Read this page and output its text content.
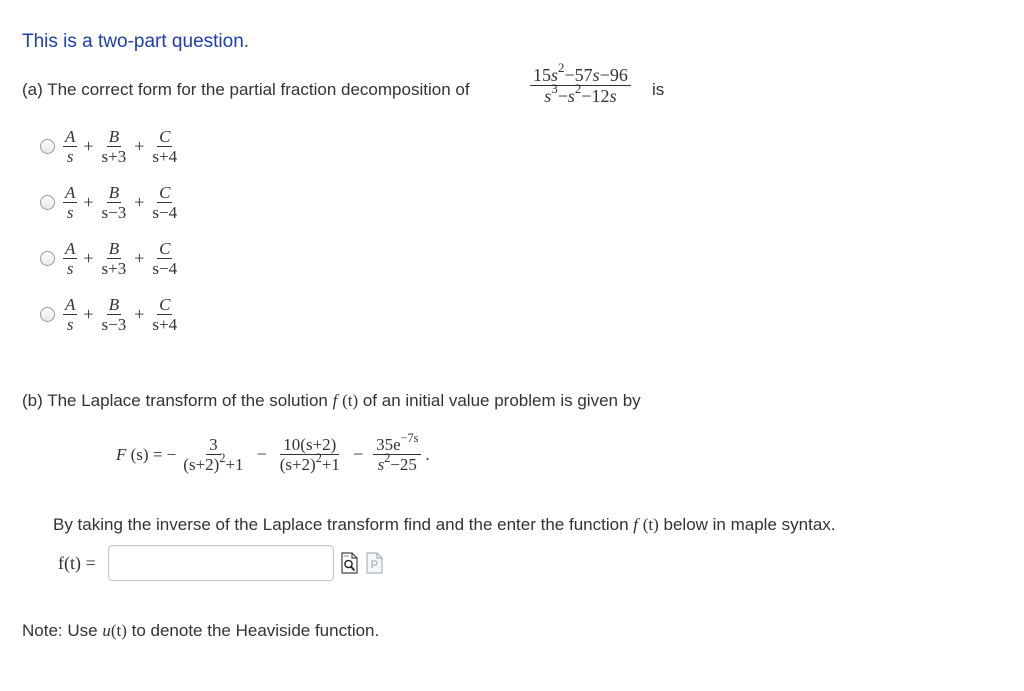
This is a two-part question.
(a) The correct form for the partial fraction decomposition of	$\frac{15s^2-57s-96}{s^3-s^2-12s}$ is
$\frac{A}{s} + \frac{B}{s+3} + \frac{C}{s+4}$
$\frac{A}{s} + \frac{B}{s-3} + \frac{C}{s-4}$
$\frac{A}{s} + \frac{B}{s+3} + \frac{C}{s-4}$
$\frac{A}{s} + \frac{B}{s-3} + \frac{C}{s+4}$
(b) The Laplace transform of the solution f (t) of an initial value problem is given by
F
(s)
= − $\frac{3}{(s+2)^2+1} - \frac{10(s+2)}{(s+2)^2+1} - \frac{35e^{-7s}}{s^2-25}$ .
By taking the inverse of the Laplace transform find and the enter the function f (t) below in maple syntax.
f(t) =
Note: Use u(t) to denote the Heaviside function.
